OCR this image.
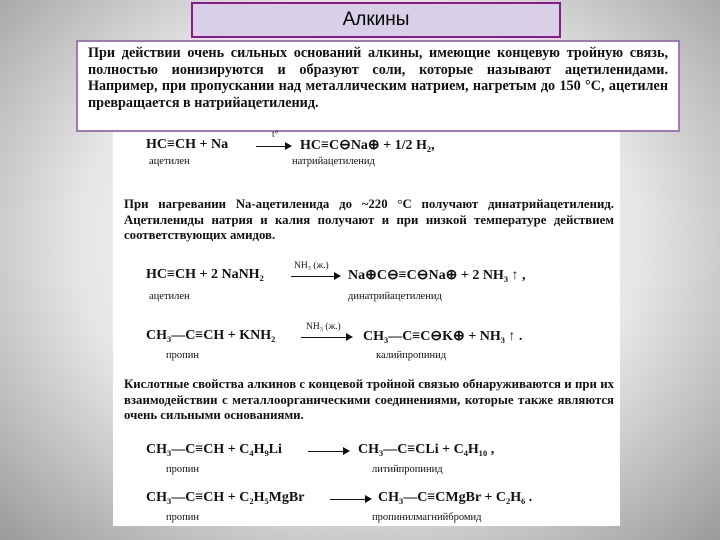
Алкины
При действии очень сильных оснований алкины, имеющие концевую тройную связь, полностью ионизируются и образуют соли, которые называют ацетиленидами. Например, при пропускании над металлическим натрием, нагретым до 150 °С, ацетилен превращается в натрийацетиленид.
HC≡CH + Na
t°
HC≡C⊖Na⊕ + 1/2 H₂,
ацетилен	натрийацетиленид
При нагревании Na-ацетиленида до ~220 °С получают динатрийацетиленид. Ацетилениды натрия и калия получают и при низкой температуре действием соответствующих амидов.
HC≡CH + 2 NaNH₂
NH₃ (ж.)
Na⊕C⊖≡C⊖Na⊕ + 2 NH₃ ↑ ,
ацетилен	динатрийацетиленид
CH₃—C≡CH + KNH₂
NH₃ (ж.)
CH₃—C≡C⊖K⊕ + NH₃ ↑ .
пропин	калийпропинид
Кислотные свойства алкинов с концевой тройной связью обнаруживаются и при их взаимодействии с металлоорганическими соединениями, которые также являются очень сильными основаниями.
CH₃—C≡CH + C₄H₉Li	CH₃—C≡CLi + C₄H₁₀ ,
пропин	литийпропинид
CH₃—C≡CH + C₂H₅MgBr	CH₃—C≡CMgBr + C₂H₆ .
пропин	пропинилмагнийбромид
